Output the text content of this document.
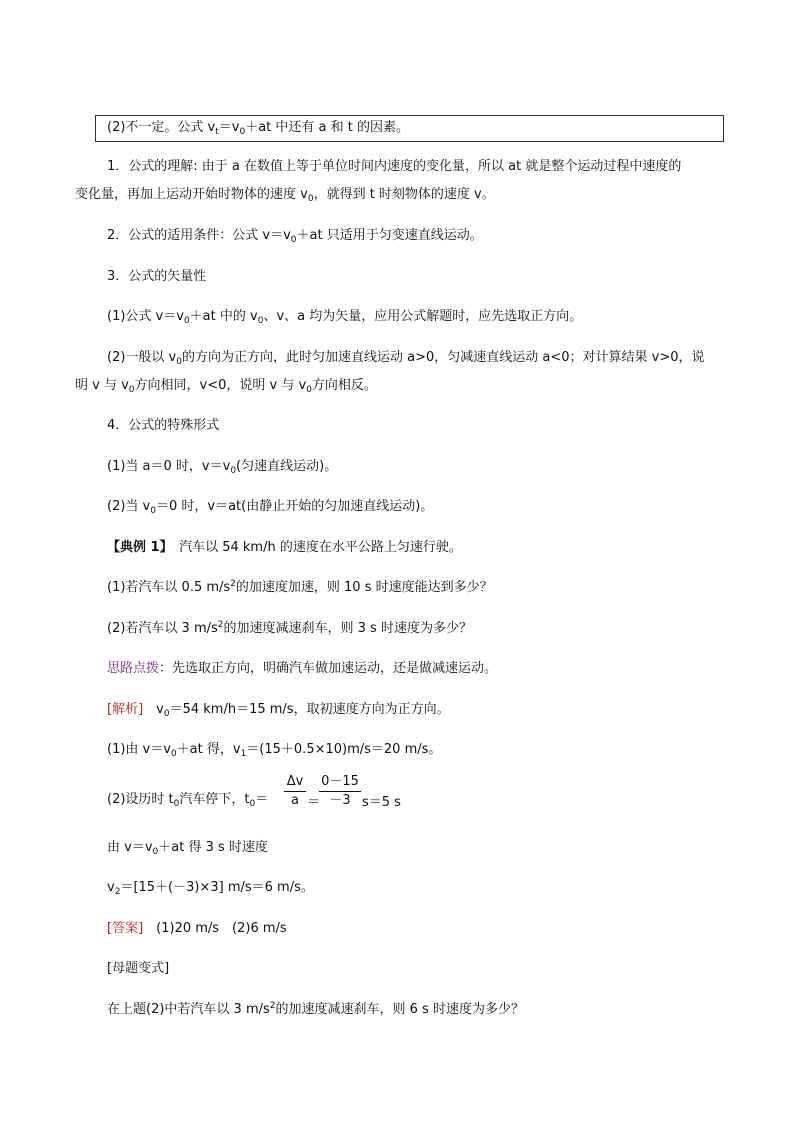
(2)不一定。公式 $v_t=v_0+at$ 中还有 a 和 t 的因素。
1．公式的理解: 由于 a 在数值上等于单位时间内速度的变化量，所以 at 就是整个运动过程中速度的
变化量，再加上运动开始时物体的速度 $v_0$，就得到 t 时刻物体的速度 v。
2．公式的适用条件：公式 $v=v_0+at$ 只适用于匀变速直线运动。
3．公式的矢量性
(1)公式 $v=v_0+at$ 中的 $v_0$、v、a 均为矢量，应用公式解题时，应先选取正方向。
(2)一般以 $v_0$的方向为正方向，此时匀加速直线运动 a>0，匀减速直线运动 a<0；对计算结果 v>0，说
明 v 与 $v_0$方向相同，v<0，说明 v 与 $v_0$方向相反。
4．公式的特殊形式
(1)当 a＝0 时，$v=v_0$(匀速直线运动)。
(2)当 $v_0=0$ 时，v＝at(由静止开始的匀加速直线运动)。
【典例 1】　汽车以 54 km/h 的速度在水平公路上匀速行驶。
(1)若汽车以 0.5 $m/s^2$的加速度加速，则 10 s 时速度能达到多少？
(2)若汽车以 3 $m/s^2$的加速度减速刹车，则 3 s 时速度为多少？
思路点拨：先选取正方向，明确汽车做加速运动，还是做减速运动。
[解析]　$v_0=54$ km/h＝15 m/s，取初速度方向为正方向。
(1)由 $v=v_0+at$ 得，$v_1=(15+0.5\times 10)m/s=20$ m/s。
(2)设历时 $t_0$汽车停下，$t_0= \frac{\Delta v}{a}$ ＝
$\frac{0-15}{-3} s=5$ s
由 $v=v_0+at$ 得 3 s 时速度
$v_2=[15+(-3)\times 3]$ m/s＝6 m/s。
[答案]　(1)20 m/s　(2)6 m/s
[母题变式]
在上题(2)中若汽车以 3 $m/s^2$的加速度减速刹车，则 6 s 时速度为多少？
